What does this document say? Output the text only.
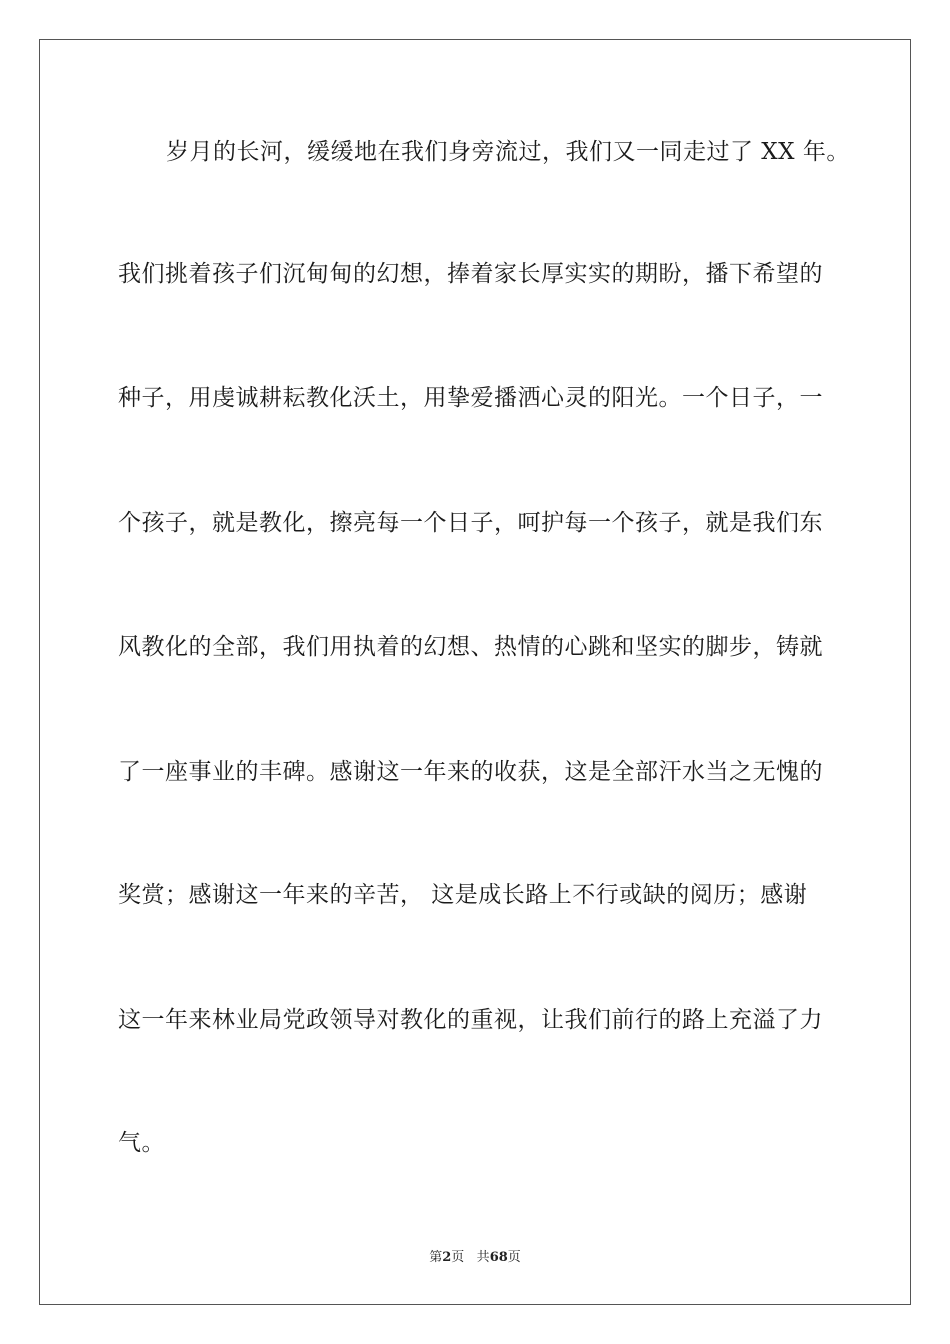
岁月的长河，缓缓地在我们身旁流过，我们又一同走过了 XX 年。
我们挑着孩子们沉甸甸的幻想，捧着家长厚实实的期盼，播下希望的
种子，用虔诚耕耘教化沃土，用挚爱播洒心灵的阳光。一个日子，一
个孩子，就是教化，擦亮每一个日子，呵护每一个孩子，就是我们东
风教化的全部，我们用执着的幻想、热情的心跳和坚实的脚步，铸就
了一座事业的丰碑。感谢这一年来的收获，这是全部汗水当之无愧的
奖赏；感谢这一年来的辛苦， 这是成长路上不行或缺的阅历；感谢
这一年来林业局党政领导对教化的重视，让我们前行的路上充溢了力
气。
第2页 共68页
